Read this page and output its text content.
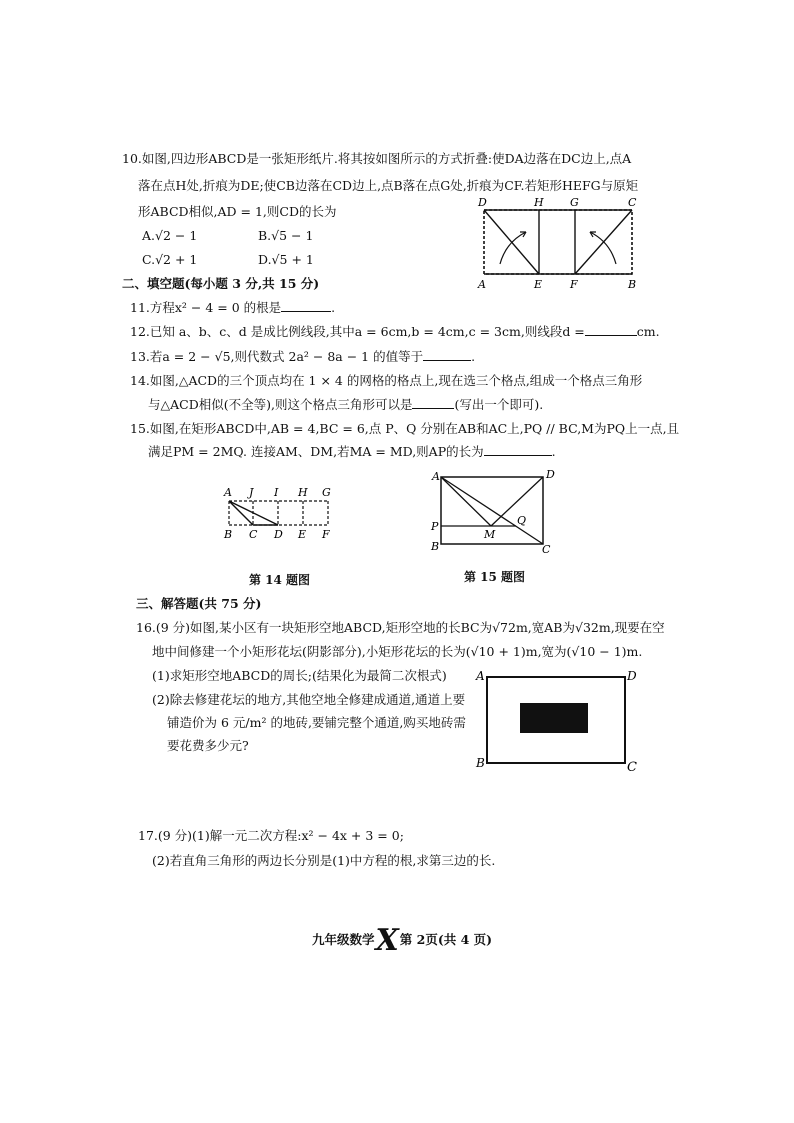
10.如图,四边形ABCD是一张矩形纸片.将其按如图所示的方式折叠:使DA边落在DC边上,点A
落在点H处,折痕为DE;使CB边落在CD边上,点B落在点G处,折痕为CF.若矩形HEFG与原矩
形ABCD相似,AD = 1,则CD的长为
A.√2 − 1	B.√5 − 1
C.√2 + 1	D.√5 + 1
D	H G	C
A	E	F	B
二、填空题(每小题 3 分,共 15 分)
11.方程x² − 4 = 0 的根是	.
12.已知 a、b、c、d 是成比例线段,其中a = 6cm,b = 4cm,c = 3cm,则线段d =	cm.
13.若a = 2 − √5,则代数式 2a² − 8a − 1 的值等于	.
14.如图,△ACD的三个顶点均在 1 × 4 的网格的格点上,现在选三个格点,组成一个格点三角形
与△ACD相似(不全等),则这个格点三角形可以是	(写出一个即可).
15.如图,在矩形ABCD中,AB = 4,BC = 6,点 P、Q 分别在AB和AC上,PQ // BC,M为PQ上一点,且
满足PM = 2MQ. 连接AM、DM,若MA = MD,则AP的长为	.
A J I H G
B C D E F
A	D
Q
P
M
B	C
第 14 题图	第 15 题图
三、解答题(共 75 分)
16.(9 分)如图,某小区有一块矩形空地ABCD,矩形空地的长BC为√72m,宽AB为√32m,现要在空
地中间修建一个小矩形花坛(阴影部分),小矩形花坛的长为(√10 + 1)m,宽为(√10 − 1)m.
(1)求矩形空地ABCD的周长;(结果化为最简二次根式)
(2)除去修建花坛的地方,其他空地全修建成通道,通道上要
铺造价为 6 元/m² 的地砖,要铺完整个通道,购买地砖需
要花费多少元?
A	D
B	C
17.(9 分)(1)解一元二次方程:x² − 4x + 3 = 0;
(2)若直角三角形的两边长分别是(1)中方程的根,求第三边的长.
九年级数学X第 2页(共 4 页)
